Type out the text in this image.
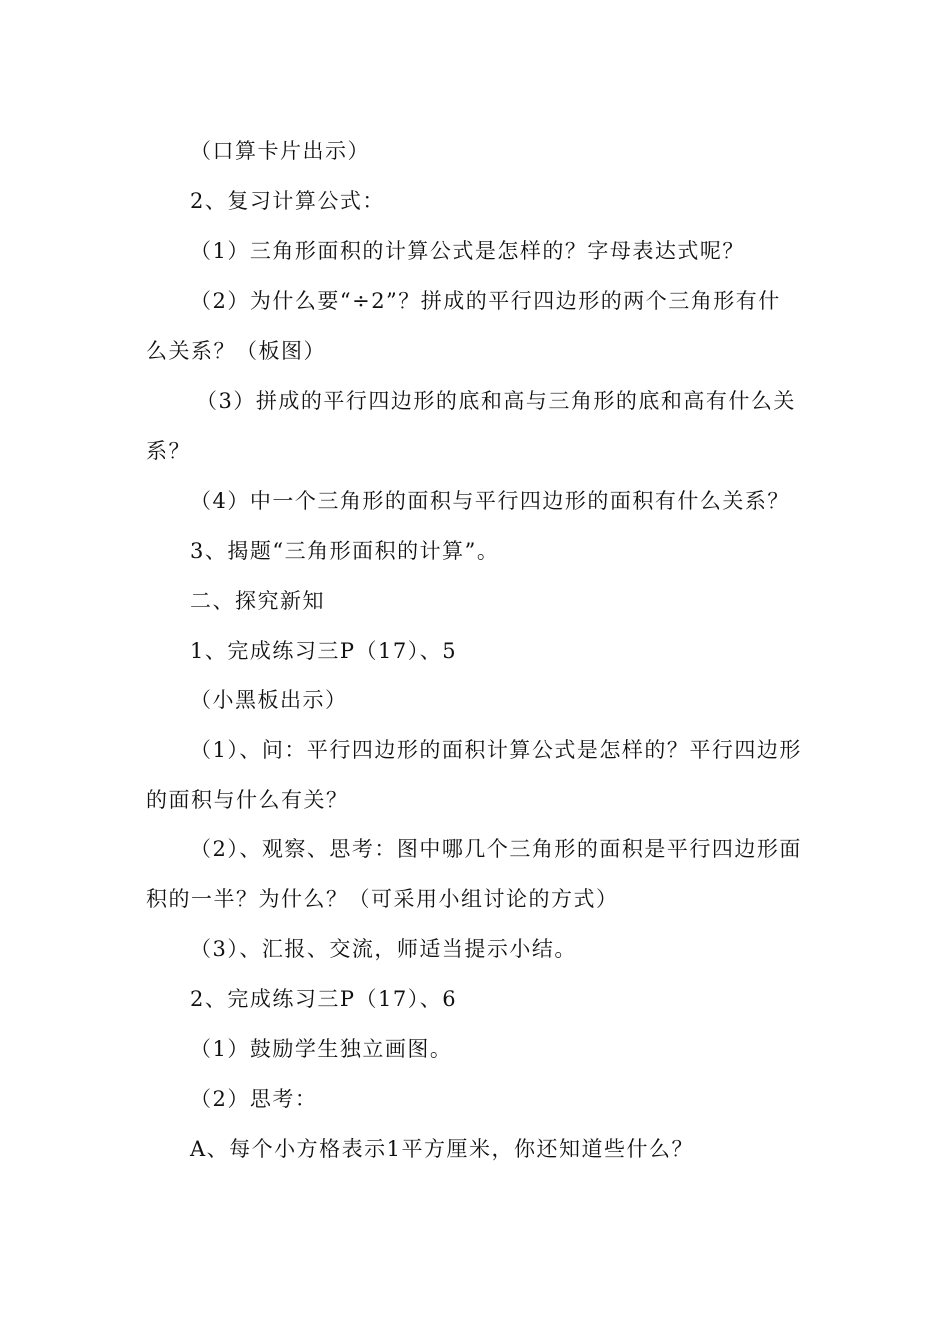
（口算卡片出示）
2、复习计算公式：
（1）三角形面积的计算公式是怎样的？字母表达式呢？
（2）为什么要“÷2”？拼成的平行四边形的两个三角形有什
么关系？（板图）
（3）拼成的平行四边形的底和高与三角形的底和高有什么关
系？
（4）中一个三角形的面积与平行四边形的面积有什么关系？
3、揭题“三角形面积的计算”。
二、探究新知
1、完成练习三P（17）、5
（小黑板出示）
（1）、问：平行四边形的面积计算公式是怎样的？平行四边形
的面积与什么有关？
（2）、观察、思考：图中哪几个三角形的面积是平行四边形面
积的一半？为什么？（可采用小组讨论的方式）
（3）、汇报、交流，师适当提示小结。
2、完成练习三P（17）、6
（1）鼓励学生独立画图。
（2）思考：
A、每个小方格表示1平方厘米，你还知道些什么？
